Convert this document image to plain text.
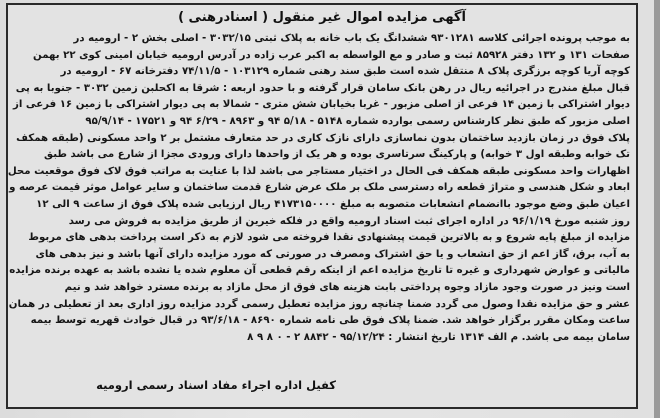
آگهی مزایده اموال غیر منقول ( اسنادرهنی )
به موجب پرونده اجرائی کلاسه ۹۳۰۱۲۸۱ ششدانگ یک باب خانه به پلاک ثبتی ۳۰۳۲/۱۵ - اصلی بخش ۲ - ارومیه در
صفحات ۱۳۱ و ۱۳۲ دفتر ۸۵۹۲۸ ثبت و صادر و مع الواسطه به اکبر عرب زاده در آدرس ارومیه خیابان امینی کوی ۲۲ بهمن
کوچه آریا کوچه برزگری پلاک ۸ منتقل شده است طبق سند رهنی شماره ۱۰۳۱۲۹ - ۷۴/۱۱/۵ دفترخانه ۶۷ - ارومیه در
قبال مبلغ مندرج در اجرائیه ریال در رهن بانک سامان قرار گرفته و با حدود اربعه : شرقا به اکحلبن زمین ۳۰۳۲ - جنوبا به پی
دیوار اشتراکی با زمین ۱۴ فرعی از اصلی مزبور - غربا بخیابان شش متری - شمالا به پی دیوار اشتراکی با زمین ۱۶ فرعی از
اصلی مزبور که طبق نظر کارشناس رسمی بوارده شماره ۵۱۴۸ - ۵/۱۸ ۹۴ و ۸۹۶۳ - ۶/۲۹ ۹۴ و ۱۷۵۲۱ - ۹۵/۹/۱۴
پلاک فوق در زمان بازدید ساختمان بدون نماسازی دارای نازک کاری در حد متعارف مشتمل بر ۲ واحد مسکونی (طبقه همکف
تک خوابه وطبقه اول ۳ خوابه) و پارکینگ سرتاسری بوده و هر یک از واحدها دارای ورودی مجزا از شارع می باشد طبق
اظهارات واحد مسکونی طبقه همکف فی الحال در اختیار مستاجر می باشد لذا با عنایت به مراتب فوق لاک فوق موقعیت محل
ابعاد و شکل هندسی و متراژ قطعه راه دسترسی ملک بر ملک عرض شارع قدمت ساختمان و سایر عوامل موثر قیمت عرصه و
اعیان طبق وضع موجود باانضمام انشعابات متصوبه به مبلغ ۴۱۷۳۱۵۰۰۰۰ ریال ارزیابی شده پلاک فوق از ساعت ۹ الی ۱۲
روز شنبه مورخ ۹۶/۱/۱۹ در اداره اجرای ثبت اسناد ارومیه واقع در فلکه خیرین از طریق مزایده به فروش می رسد
مزایده از مبلغ پایه شروع و به بالاترین قیمت پیشنهادی نقدا فروخته می شود لازم به ذکر است پرداخت بدهی های مربوط
به آب، برق، گاز اعم از حق انشعاب و یا حق اشتراک ومصرف در صورتی که مورد مزایده دارای آنها باشد و نیز بدهی های
مالیاتی و عوارض شهرداری و غیره تا تاریخ مزایده اعم از اینکه رقم قطعی آن معلوم شده یا نشده باشد به عهده برنده مزایده
است ونیز در صورت وجود مازاد وجوه پرداختی بابت هزینه های فوق از محل مازاد به برنده مسترد خواهد شد و نیم
عشر و حق مزایده نقدا وصول می گردد ضمنا چنانچه روز مزایده تعطیل رسمی گردد مزایده روز اداری بعد از تعطیلی در همان
ساعت ومکان مقرر برگزار خواهد شد. ضمنا پلاک فوق طی نامه شماره ۸۶۹۰ - ۹۳/۶/۱۸ در قبال خوادث قهریه توسط بیمه
سامان بیمه می باشد. م الف ۱۳۱۴ تاریخ انتشار : ۹۵/۱۲/۲۴ - ۸۸۴۲ ۲ - ۰ ۸ ۹ ۸
کفیل اداره اجراء مفاد اسناد رسمی ارومیه
